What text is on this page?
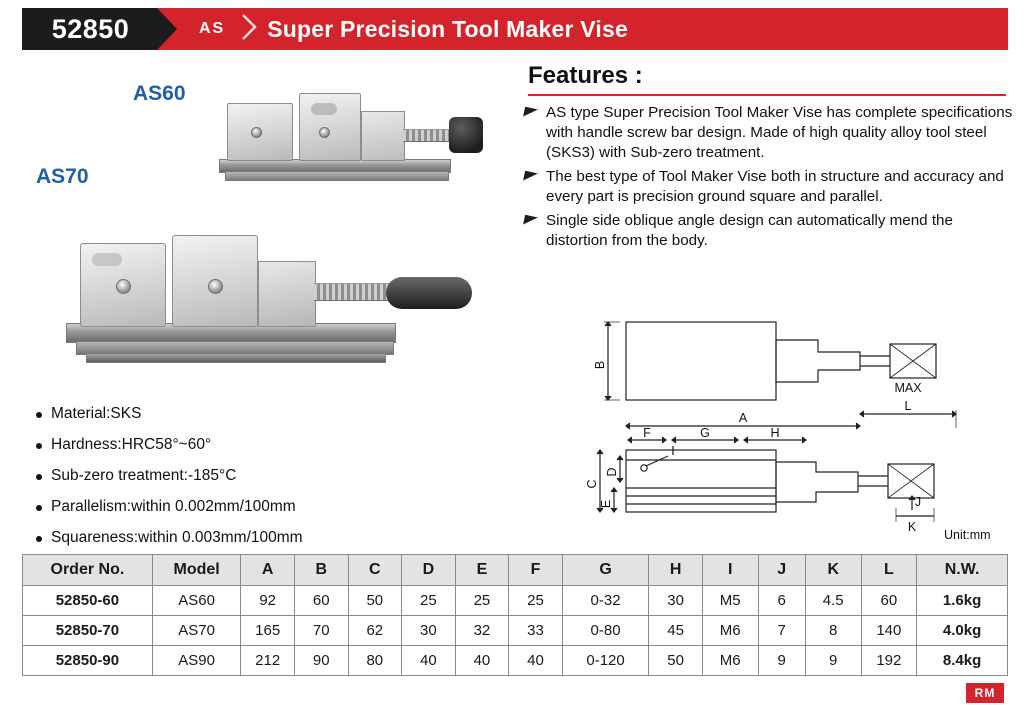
52850	AS Super Precision Tool Maker Vise
AS60
AS70
Material:SKS
Hardness:HRC58°~60°
Sub-zero treatment:-185°C
Parallelism:within 0.002mm/100mm
Squareness:within 0.003mm/100mm
Features :
AS type Super Precision Tool Maker Vise has complete specifications with handle screw bar design. Made of high quality alloy tool steel (SKS3) with Sub-zero treatment.
The best type of Tool Maker Vise both in structure and accuracy and every part is precision ground square and parallel.
Single side oblique angle design can automatically mend the distortion from the body.
B
A
L
MAX
C
D
E
F	G	H
I
J
K
Unit:mm
Order No.	Model	A	B	C	D	E	F	G	H	I	J	K	L	N.W.
52850-60	AS60	92	60	50	25	25	25	0-32	30	M5	6	4.5	60	1.6kg
52850-70	AS70	165	70	62	30	32	33	0-80	45	M6	7	8	140	4.0kg
52850-90	AS90	212	90	80	40	40	40	0-120	50	M6	9	9	192	8.4kg
RM
